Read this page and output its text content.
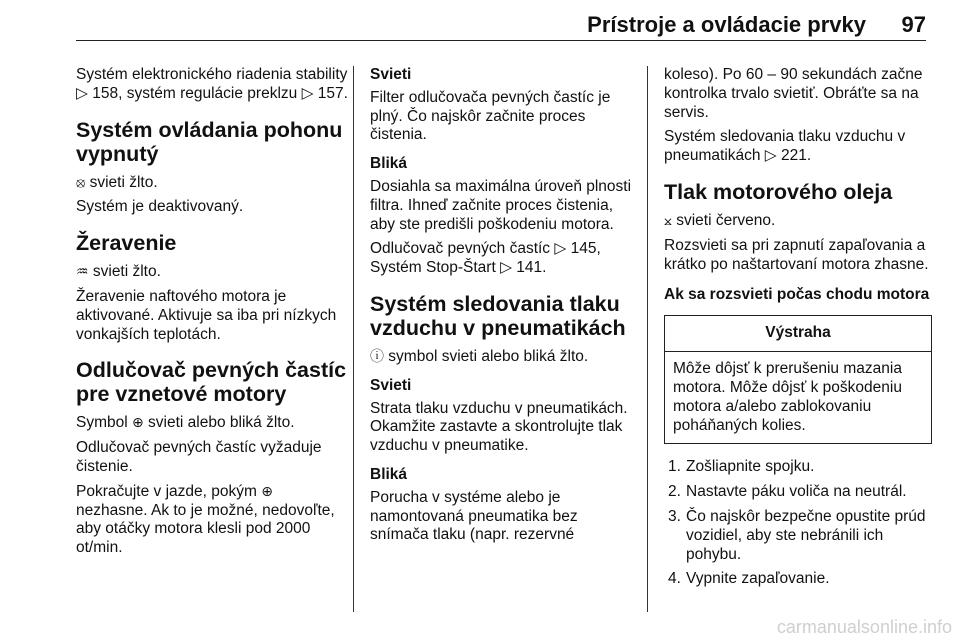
Prístroje a ovládacie prvky 97

Systém elektronického riadenia stability ▷ 158, systém regulácie preklzu ▷ 157.

Systém ovládania pohonu vypnutý

⦻ svieti žlto.

Systém je deaktivovaný.

Žeravenie

♒ svieti žlto.

Žeravenie naftového motora je aktivované. Aktivuje sa iba pri nízkych vonkajších teplotách.

Odlučovač pevných častíc pre vznetové motory

Symbol ⊕ svieti alebo bliká žlto.

Odlučovač pevných častíc vyžaduje čistenie.

Pokračujte v jazde, pokým ⊕ nezhasne. Ak to je možné, nedovoľte, aby otáčky motora klesli pod 2000 ot/min.

Svieti

Filter odlučovača pevných častíc je plný. Čo najskôr začnite proces čistenia.

Bliká

Dosiahla sa maximálna úroveň plnosti filtra. Ihneď začnite proces čistenia, aby ste predišli poškodeniu motora.

Odlučovač pevných častíc ▷ 145, Systém Stop-Štart ▷ 141.

Systém sledovania tlaku vzduchu v pneumatikách

ⓘ symbol svieti alebo bliká žlto.

Svieti

Strata tlaku vzduchu v pneumatikách. Okamžite zastavte a skontrolujte tlak vzduchu v pneumatike.

Bliká

Porucha v systéme alebo je namontovaná pneumatika bez snímača tlaku (napr. rezervné

koleso). Po 60 – 90 sekundách začne kontrolka trvalo svietiť. Obráťte sa na servis.

Systém sledovania tlaku vzduchu v pneumatikách ▷ 221.

Tlak motorového oleja

⨲ svieti červeno.

Rozsvieti sa pri zapnutí zapaľovania a krátko po naštartovaní motora zhasne.

Ak sa rozsvieti počas chodu motora
Výstraha
Môže dôjsť k prerušeniu mazania motora. Môže dôjsť k poškodeniu motora a/alebo zablokovaniu poháňaných kolies.
1. Zošliapnite spojku.
2. Nastavte páku voliča na neutrál.
3. Čo najskôr bezpečne opustite prúd vozidiel, aby ste nebránili ich pohybu.
4. Vypnite zapaľovanie.
carmanualsonline.info
